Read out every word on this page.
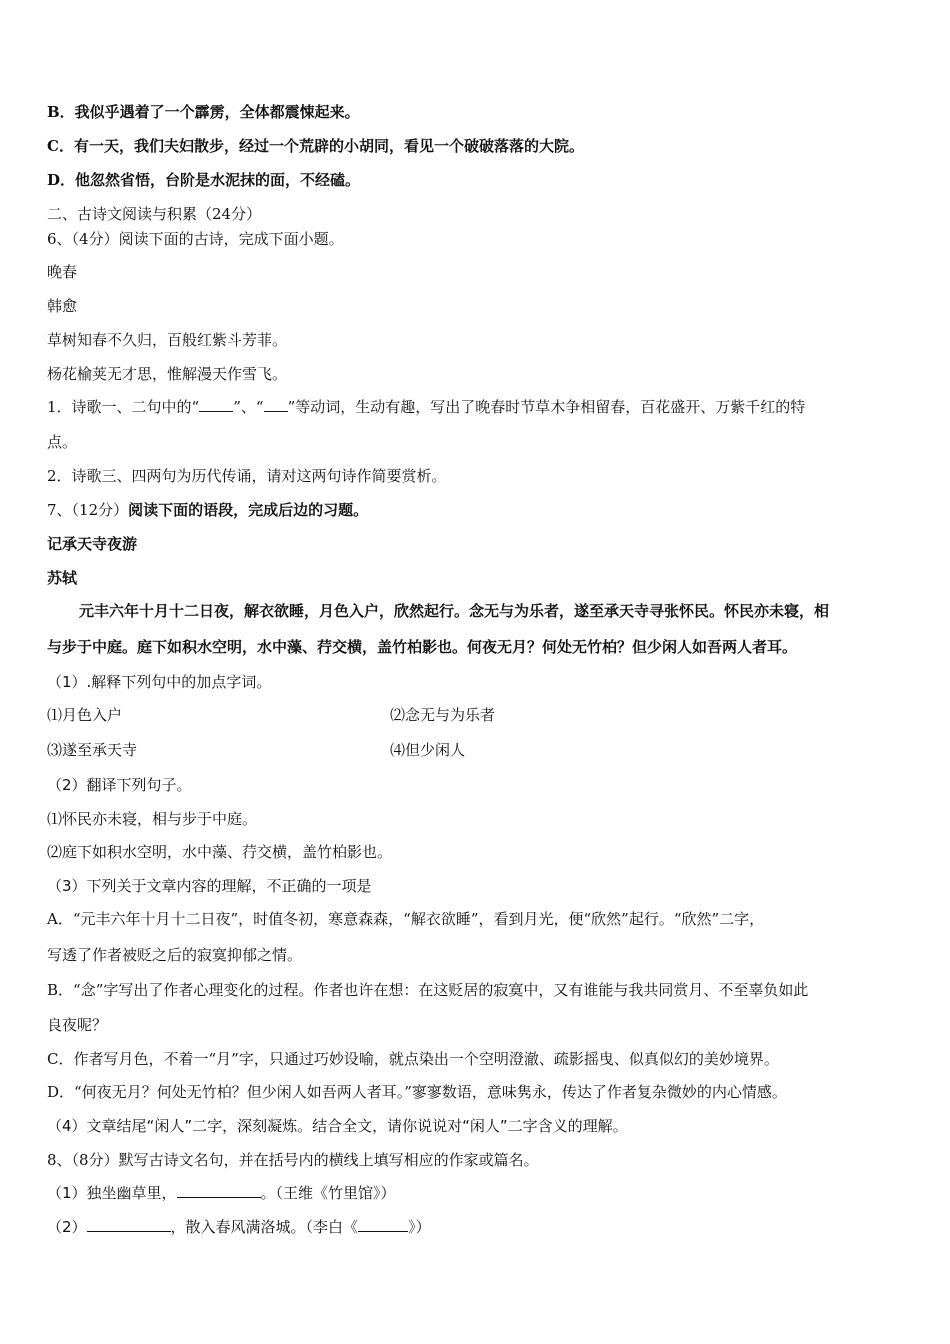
B．我似乎遇着了一个霹雳，全体都震悚起来。
C．有一天，我们夫妇散步，经过一个荒辟的小胡同，看见一个破破落落的大院。
D．他忽然省悟，台阶是水泥抹的面，不经磕。
二、古诗文阅读与积累（24分）
6、（4分）阅读下面的古诗，完成下面小题。
晚春
韩愈
草树知春不久归，百般红紫斗芳菲。
杨花榆荚无才思，惟解漫天作雪飞。
1．诗歌一、二句中的“ ”、“ ”等动词，生动有趣，写出了晚春时节草木争相留春，百花盛开、万紫千红的特
点。
2．诗歌三、四两句为历代传诵，请对这两句诗作简要赏析。
7、（12分）阅读下面的语段，完成后边的习题。
记承天寺夜游
苏轼
元丰六年十月十二日夜，解衣欲睡，月色入户，欣然起行。念无与为乐者，遂至承天寺寻张怀民。怀民亦未寝，相
与步于中庭。庭下如积水空明，水中藻、荇交横，盖竹柏影也。何夜无月？何处无竹柏？但少闲人如吾两人者耳。
（1）.解释下列句中的加点字词。
⑴月色入户	⑵念无与为乐者
⑶遂至承天寺	⑷但少闲人
（2）翻译下列句子。
⑴怀民亦未寝，相与步于中庭。
⑵庭下如积水空明，水中藻、荇交横，盖竹柏影也。
（3）下列关于文章内容的理解，不正确的一项是
A．“元丰六年十月十二日夜”，时值冬初，寒意森森，“解衣欲睡”，看到月光，便“欣然”起行。“欣然”二字，
写透了作者被贬之后的寂寞抑郁之情。
B．“念”字写出了作者心理变化的过程。作者也许在想：在这贬居的寂寞中，又有谁能与我共同赏月、不至辜负如此
良夜呢？
C．作者写月色，不着一“月”字，只通过巧妙设喻，就点染出一个空明澄澈、疏影摇曳、似真似幻的美妙境界。
D．“何夜无月？何处无竹柏？但少闲人如吾两人者耳。”寥寥数语，意味隽永，传达了作者复杂微妙的内心情感。
（4）文章结尾“闲人”二字，深刻凝炼。结合全文，请你说说对“闲人”二字含义的理解。
8、（8分）默写古诗文名句，并在括号内的横线上填写相应的作家或篇名。
（1）独坐幽草里，	。（王维《竹里馆》）
（2）	，散入春风满洛城。（李白《	》）
